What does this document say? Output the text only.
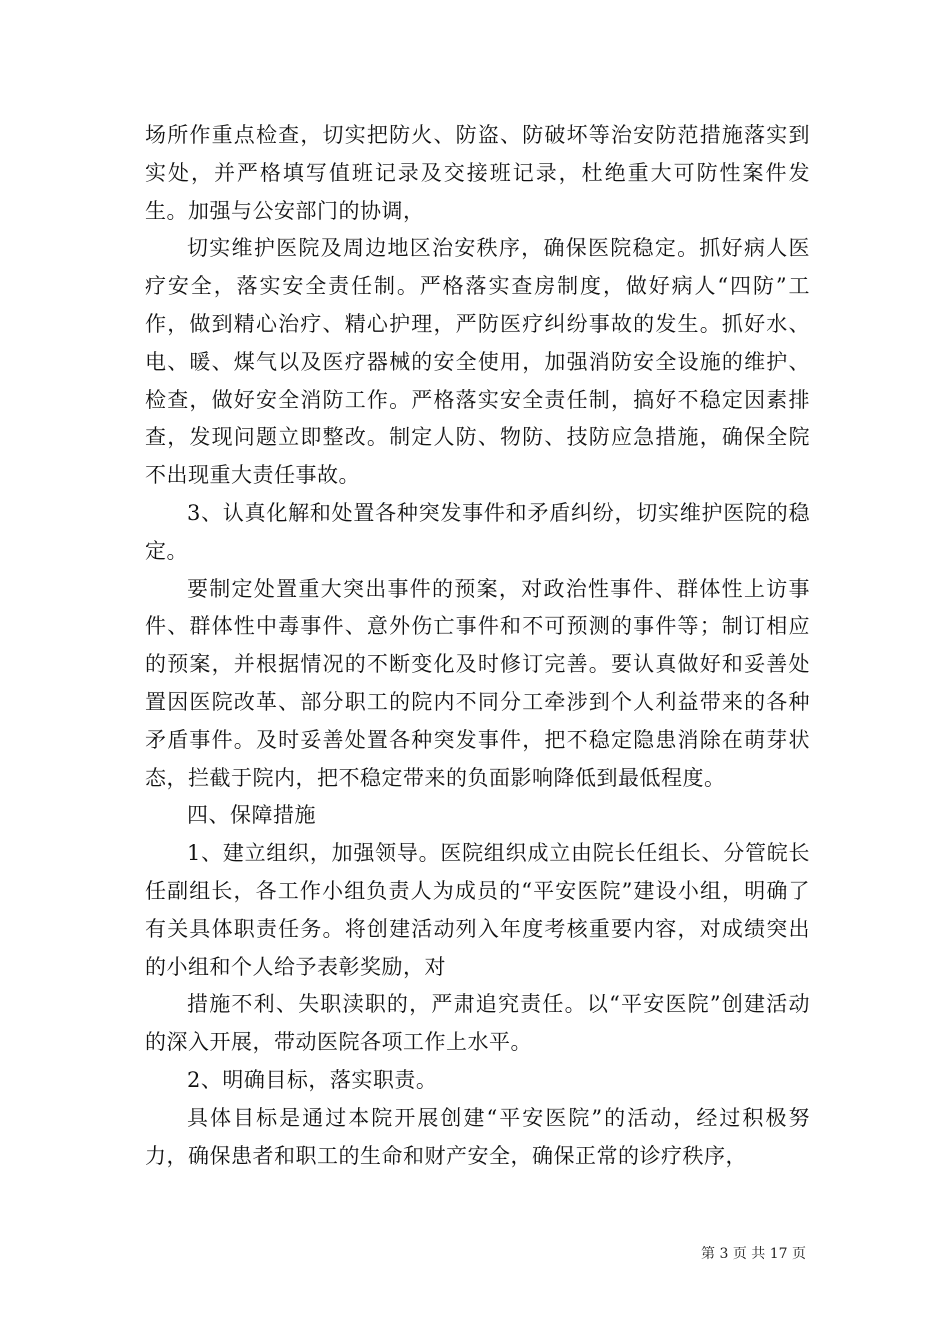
场所作重点检查，切实把防火、防盗、防破坏等治安防范措施落实到实处，并严格填写值班记录及交接班记录，杜绝重大可防性案件发生。加强与公安部门的协调，

切实维护医院及周边地区治安秩序，确保医院稳定。抓好病人医疗安全，落实安全责任制。严格落实查房制度，做好病人“四防”工作，做到精心治疗、精心护理，严防医疗纠纷事故的发生。抓好水、电、暖、煤气以及医疗器械的安全使用，加强消防安全设施的维护、检查，做好安全消防工作。严格落实安全责任制，搞好不稳定因素排查，发现问题立即整改。制定人防、物防、技防应急措施，确保全院不出现重大责任事故。

3、认真化解和处置各种突发事件和矛盾纠纷，切实维护医院的稳定。

要制定处置重大突出事件的预案，对政治性事件、群体性上访事件、群体性中毒事件、意外伤亡事件和不可预测的事件等；制订相应的预案，并根据情况的不断变化及时修订完善。要认真做好和妥善处置因医院改革、部分职工的院内不同分工牵涉到个人利益带来的各种矛盾事件。及时妥善处置各种突发事件，把不稳定隐患消除在萌芽状态，拦截于院内，把不稳定带来的负面影响降低到最低程度。

四、保障措施

1、建立组织，加强领导。医院组织成立由院长任组长、分管皖长任副组长，各工作小组负责人为成员的“平安医院”建设小组，明确了有关具体职责任务。将创建活动列入年度考核重要内容，对成绩突出的小组和个人给予表彰奖励，对

措施不利、失职渎职的，严肃追究责任。以“平安医院”创建活动的深入开展，带动医院各项工作上水平。

2、明确目标，落实职责。

具体目标是通过本院开展创建“平安医院”的活动，经过积极努力，确保患者和职工的生命和财产安全，确保正常的诊疗秩序，

第 3 页 共 17 页
